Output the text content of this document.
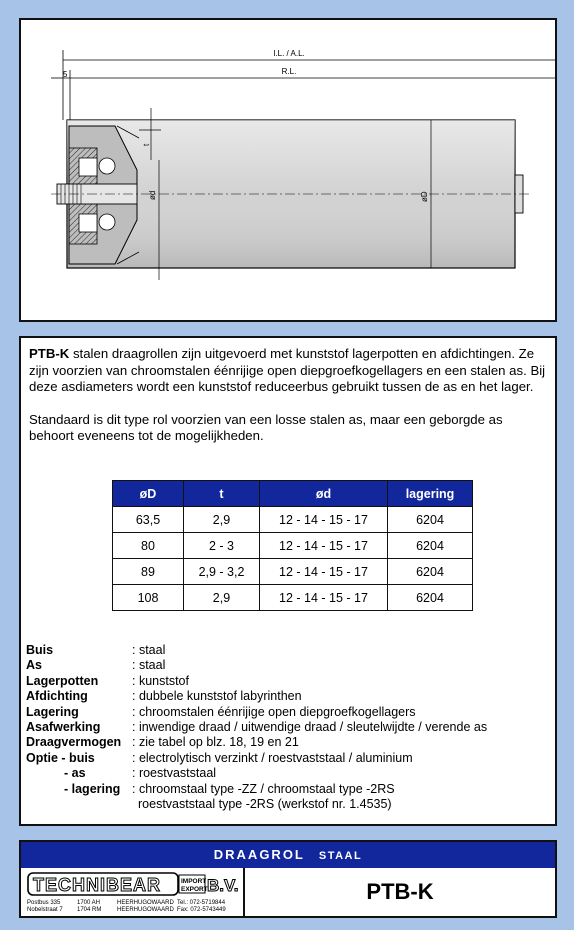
I.L. / A.L.
R.L.
5
t
ød	øD

PTB-K stalen draagrollen zijn uitgevoerd met kunststof lagerpotten en afdichtingen. Ze zijn voorzien van chroomstalen éénrijige open diepgroefkogellagers en een stalen as. Bij deze asdiameters wordt een kunststof reduceerbus gebruikt tussen de as en het lager.

Standaard is dit type rol voorzien van een losse stalen as, maar een geborgde as behoort eveneens tot de mogelijkheden.

øD	t	ød	lagering
63,5	2,9	12 - 14 - 15 - 17	6204
80	2 - 3	12 - 14 - 15 - 17	6204
89	2,9 - 3,2	12 - 14 - 15 - 17	6204
108	2,9	12 - 14 - 15 - 17	6204
Buis	: staal
As	: staal
Lagerpotten	: kunststof
Afdichting	: dubbele kunststof labyrinthen
Lagering	: chroomstalen éénrijige open diepgroefkogellagers
Asafwerking	: inwendige draad / uitwendige draad / sleutelwijdte / verende as
Draagvermogen : zie tabel op blz. 18, 19 en 21
Optie - buis	: electrolytisch verzinkt / roestvaststaal / aluminium
- as	: roestvaststaal
- lagering : chroomstaal type -ZZ / chroomstaal type -2RS
roestvaststaal type -2RS (werkstof nr. 1.4535)
DRAAGROL STAAL
TECHNIBEAR	IMPORT
EXPORT B.V.
Postbus 335	1700 AH	HEERHUGOWAARD Tel.: 072-5719844
Nobelstraat 7 1704 RM	HEERHUGOWAARD Fax: 072-5743449
PTB-K
